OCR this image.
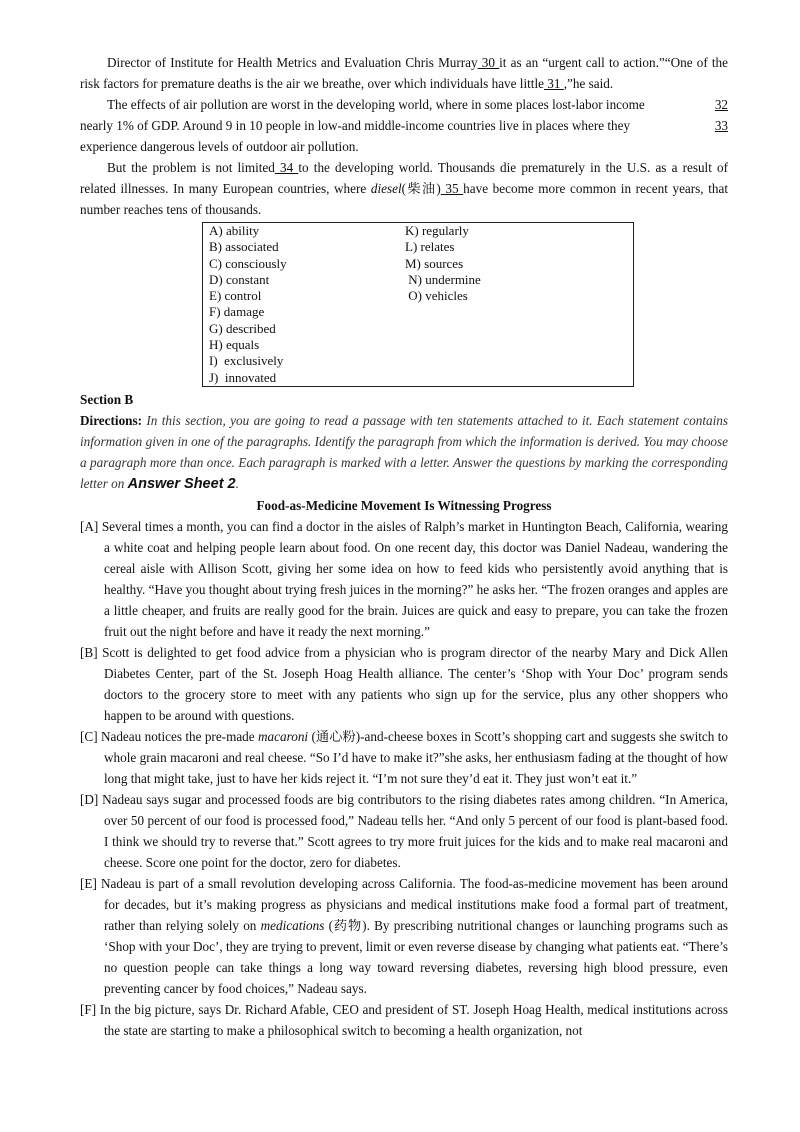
Director of Institute for Health Metrics and Evaluation Chris Murray 30 it as an “urgent call to action.”“One of the risk factors for premature deaths is the air we breathe, over which individuals have little 31 ,”he said.

The effects of air pollution are worst in the developing world, where in some places lost-labor income	32

nearly 1% of GDP. Around 9 in 10 people in low-and middle-income countries live in places where they	33

experience dangerous levels of outdoor air pollution.

But the problem is not limited 34 to the developing world. Thousands die prematurely in the U.S. as a result of related illnesses. In many European countries, where diesel(柴油) 35 have become more common in recent years, that number reaches tens of thousands.

A) ability
B) associated
C) consciously
D) constant
E) control
F) damage
G) described
H) equals
I)  exclusively
J)  innovated
K) regularly
L) relates
M) sources
N) undermine
O) vehicles

Section B

Directions: In this section, you are going to read a passage with ten statements attached to it. Each statement contains information given in one of the paragraphs. Identify the paragraph from which the information is derived. You may choose a paragraph more than once. Each paragraph is marked with a letter. Answer the questions by marking the corresponding letter on Answer Sheet 2.

Food-as-Medicine Movement Is Witnessing Progress

[A] Several times a month, you can find a doctor in the aisles of Ralph’s market in Huntington Beach, California, wearing a white coat and helping people learn about food. On one recent day, this doctor was Daniel Nadeau, wandering the cereal aisle with Allison Scott, giving her some idea on how to feed kids who persistently avoid anything that is healthy. “Have you thought about trying fresh juices in the morning?” he asks her. “The frozen oranges and apples are a little cheaper, and fruits are really good for the brain. Juices are quick and easy to prepare, you can take the frozen fruit out the night before and have it ready the next morning.”

[B] Scott is delighted to get food advice from a physician who is program director of the nearby Mary and Dick Allen Diabetes Center, part of the St. Joseph Hoag Health alliance. The center’s ‘Shop with Your Doc’ program sends doctors to the grocery store to meet with any patients who sign up for the service, plus any other shoppers who happen to be around with questions.

[C] Nadeau notices the pre-made macaroni (通心粉)-and-cheese boxes in Scott’s shopping cart and suggests she switch to whole grain macaroni and real cheese. “So I’d have to make it?”she asks, her enthusiasm fading at the thought of how long that might take, just to have her kids reject it. “I’m not sure they’d eat it. They just won’t eat it.”

[D] Nadeau says sugar and processed foods are big contributors to the rising diabetes rates among children. “In America, over 50 percent of our food is processed food,” Nadeau tells her. “And only 5 percent of our food is plant-based food. I think we should try to reverse that.” Scott agrees to try more fruit juices for the kids and to make real macaroni and cheese. Score one point for the doctor, zero for diabetes.

[E] Nadeau is part of a small revolution developing across California. The food-as-medicine movement has been around for decades, but it’s making progress as physicians and medical institutions make food a formal part of treatment, rather than relying solely on medications (药物). By prescribing nutritional changes or launching programs such as ‘Shop with your Doc’, they are trying to prevent, limit or even reverse disease by changing what patients eat. “There’s no question people can take things a long way toward reversing diabetes, reversing high blood pressure, even preventing cancer by food choices,” Nadeau says.

[F] In the big picture, says Dr. Richard Afable, CEO and president of ST. Joseph Hoag Health, medical institutions across the state are starting to make a philosophical switch to becoming a health organization, not
